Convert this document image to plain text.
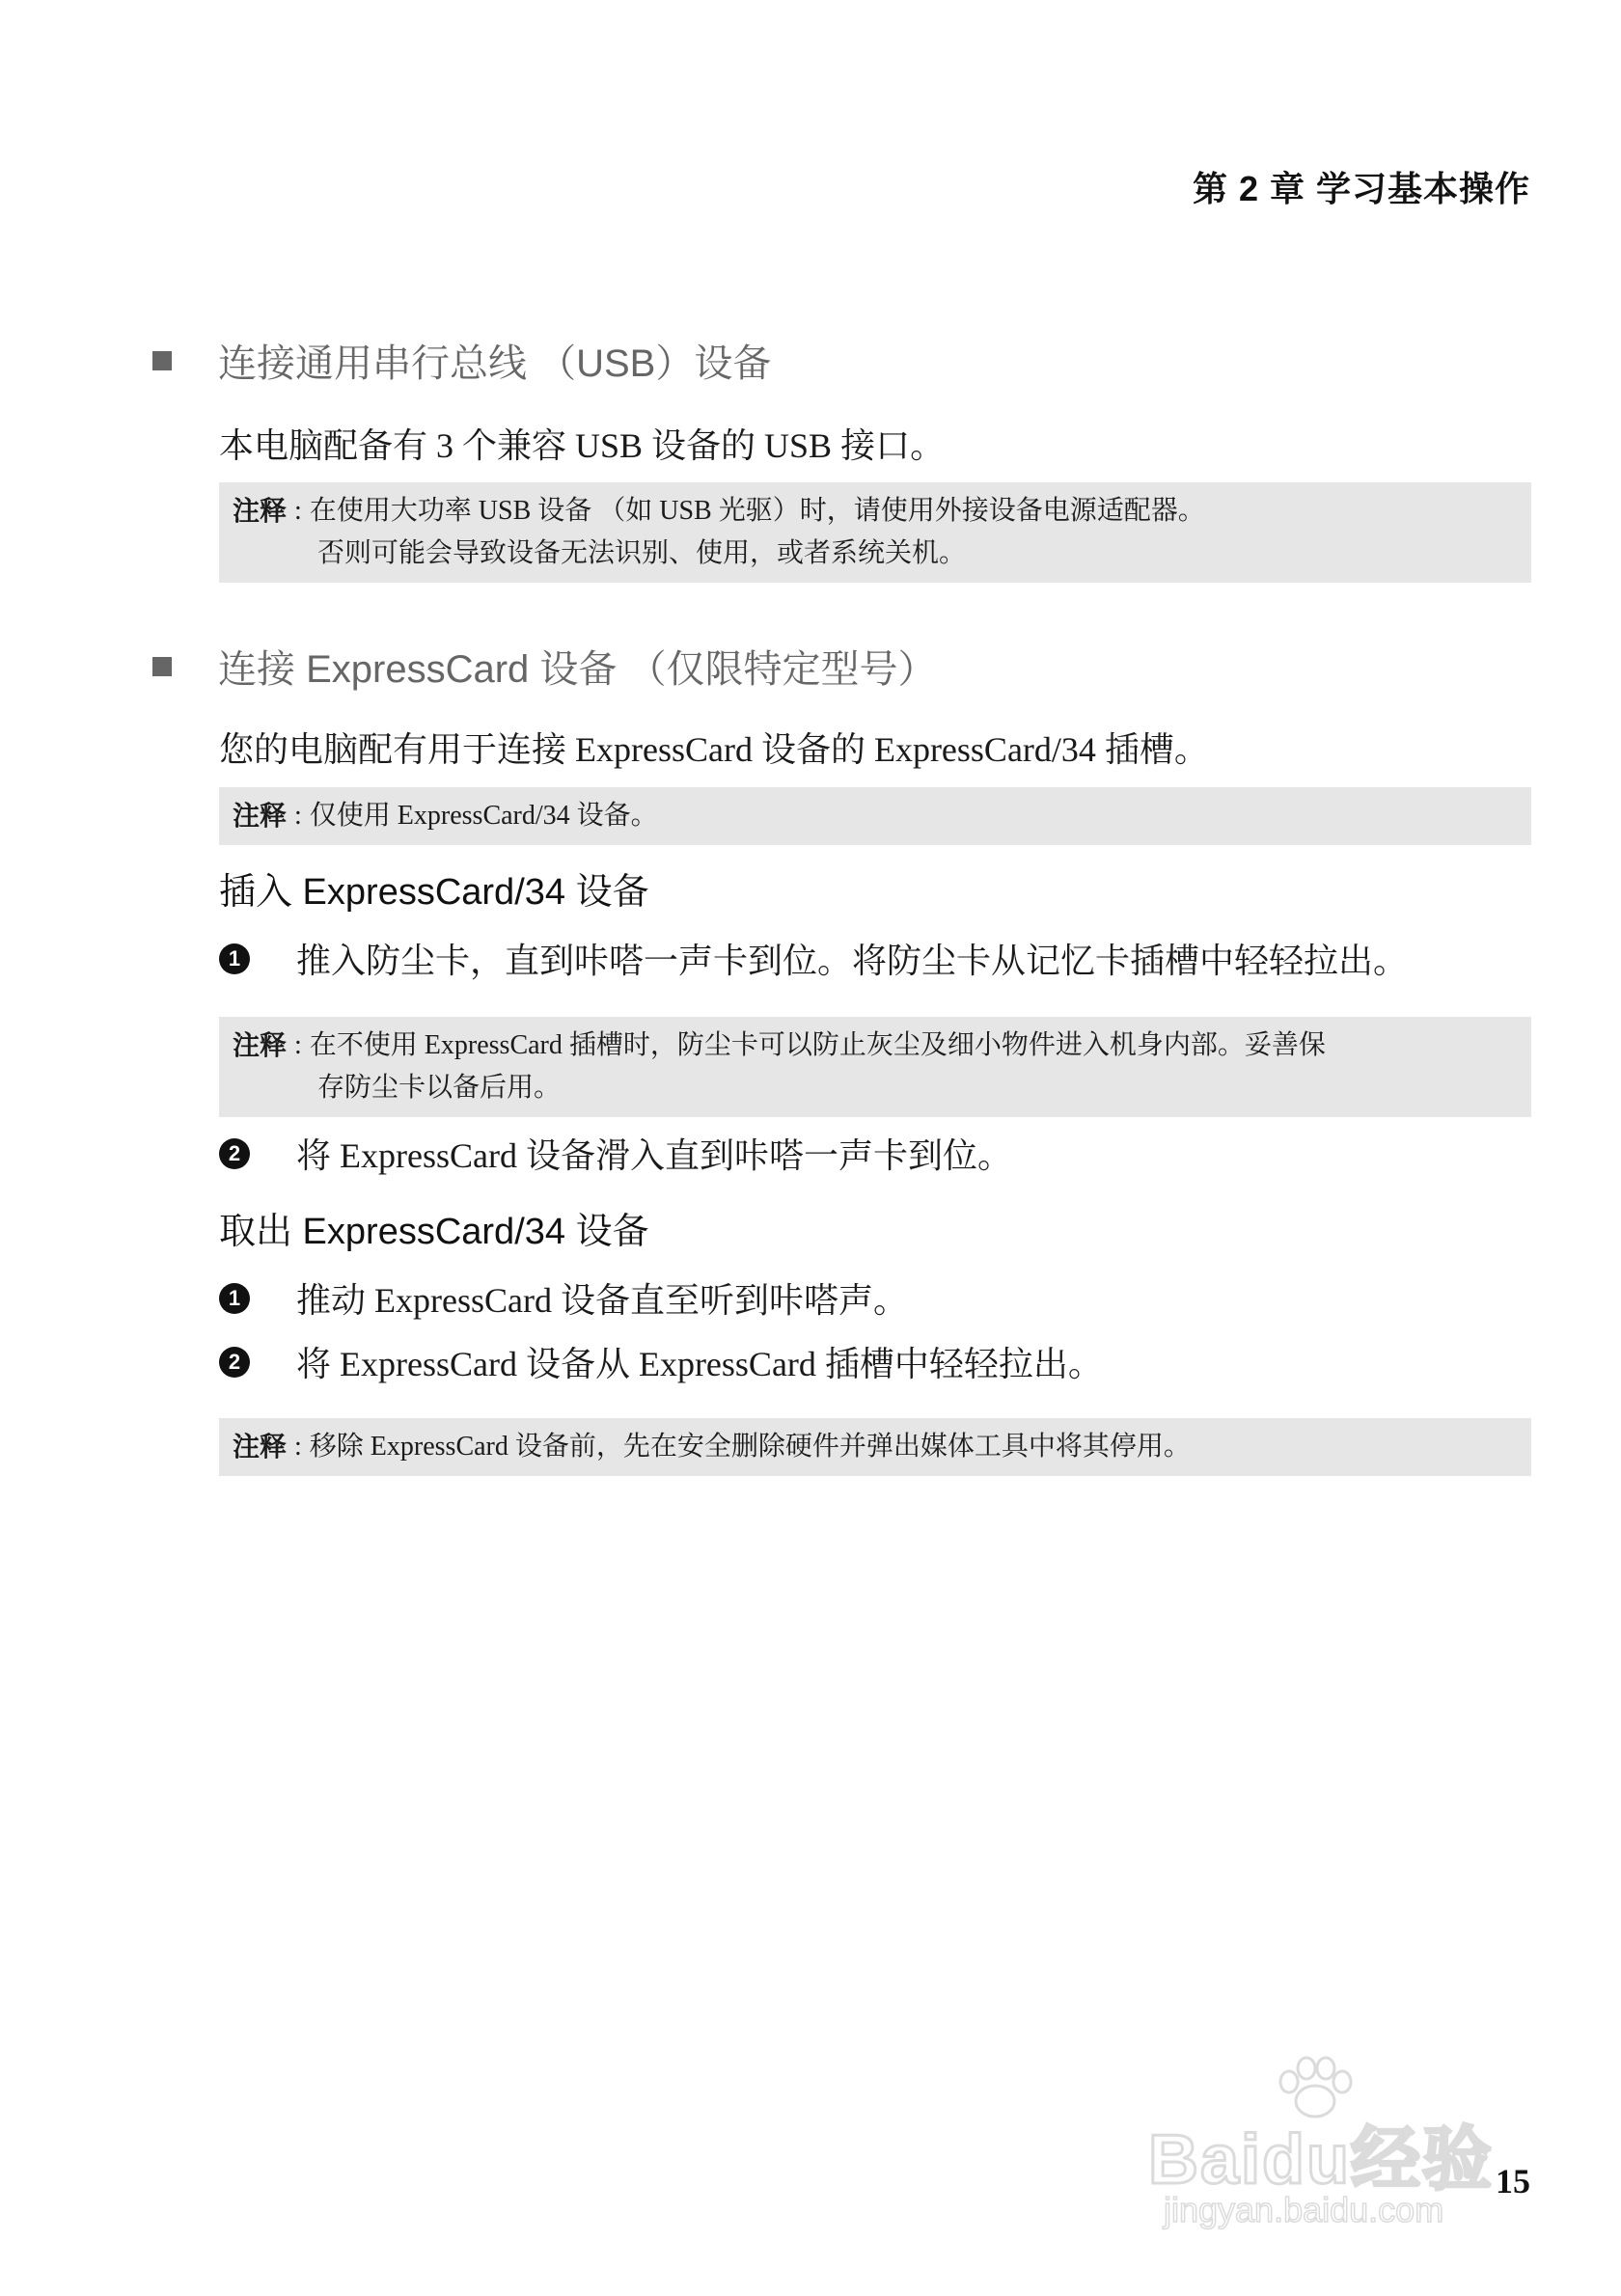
第 2 章 学习基本操作
连接通用串行总线 （USB）设备
本电脑配备有 3 个兼容 USB 设备的 USB 接口。
注释 : 在使用大功率 USB 设备 （如 USB 光驱）时，请使用外接设备电源适配器。
否则可能会导致设备无法识别、使用，或者系统关机。
连接 ExpressCard 设备 （仅限特定型号）
您的电脑配有用于连接 ExpressCard 设备的 ExpressCard/34 插槽。
注释 : 仅使用 ExpressCard/34 设备。
插入 ExpressCard/34 设备
1 推入防尘卡，直到咔嗒一声卡到位。将防尘卡从记忆卡插槽中轻轻拉出。
注释 : 在不使用 ExpressCard 插槽时，防尘卡可以防止灰尘及细小物件进入机身内部。妥善保
存防尘卡以备后用。
2 将 ExpressCard 设备滑入直到咔嗒一声卡到位。
取出 ExpressCard/34 设备
1 推动 ExpressCard 设备直至听到咔嗒声。
2 将 ExpressCard 设备从 ExpressCard 插槽中轻轻拉出。
注释 : 移除 ExpressCard 设备前，先在安全删除硬件并弹出媒体工具中将其停用。
Baidu经验
jingyan.baidu.com
15
